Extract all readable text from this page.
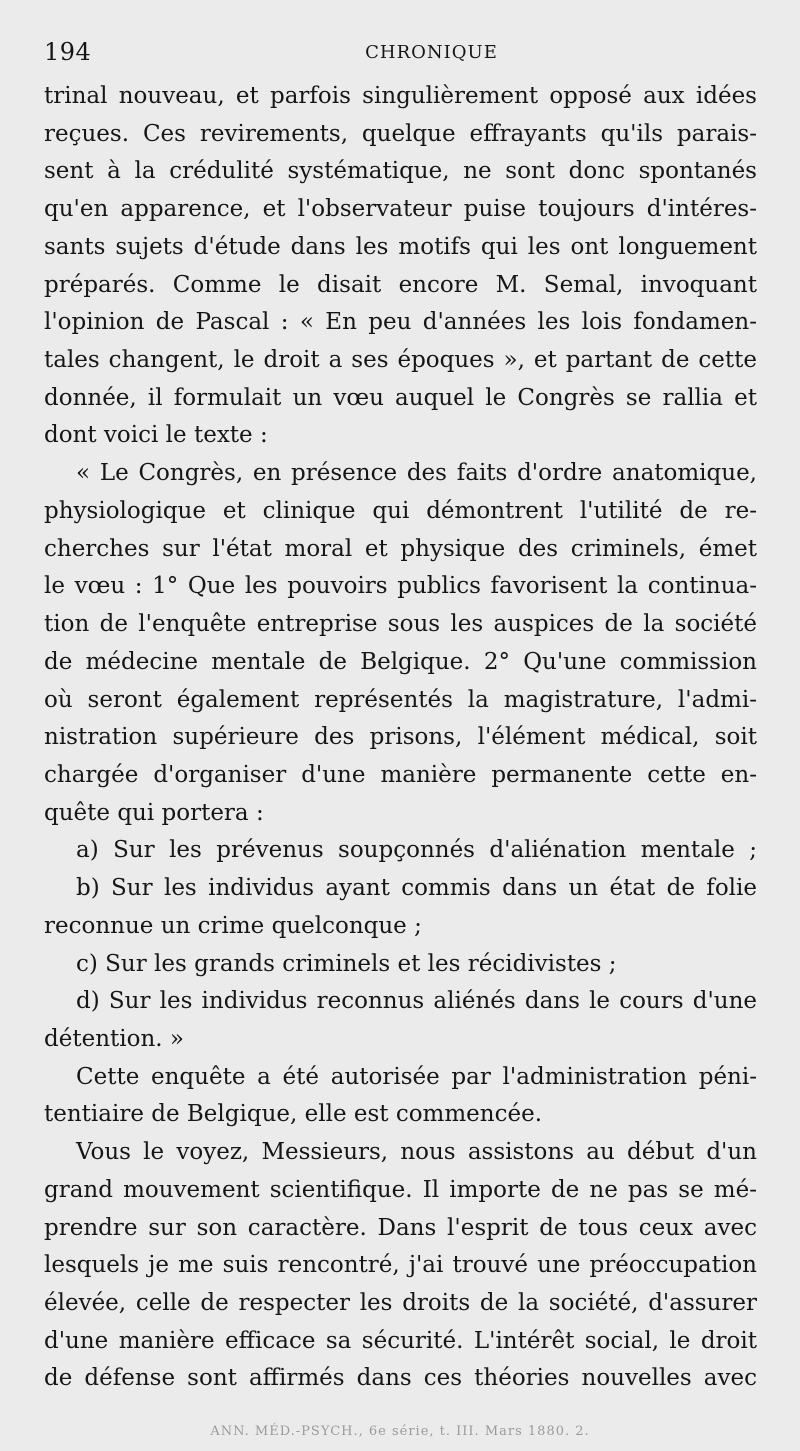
194	CHRONIQUE
trinal nouveau, et parfois singulièrement opposé aux idées
reçues. Ces revirements, quelque effrayants qu'ils parais-
sent à la crédulité systématique, ne sont donc spontanés
qu'en apparence, et l'observateur puise toujours d'intéres-
sants sujets d'étude dans les motifs qui les ont longuement
préparés. Comme le disait encore M. Semal, invoquant
l'opinion de Pascal : « En peu d'années les lois fondamen-
tales changent, le droit a ses époques », et partant de cette
donnée, il formulait un vœu auquel le Congrès se rallia et
dont voici le texte :
« Le Congrès, en présence des faits d'ordre anatomique,
physiologique et clinique qui démontrent l'utilité de re-
cherches sur l'état moral et physique des criminels, émet
le vœu : 1° Que les pouvoirs publics favorisent la continua-
tion de l'enquête entreprise sous les auspices de la société
de médecine mentale de Belgique. 2° Qu'une commission
où seront également représentés la magistrature, l'admi-
nistration supérieure des prisons, l'élément médical, soit
chargée d'organiser d'une manière permanente cette en-
quête qui portera :
a) Sur les prévenus soupçonnés d'aliénation mentale ;
b) Sur les individus ayant commis dans un état de folie
reconnue un crime quelconque ;
c) Sur les grands criminels et les récidivistes ;
d) Sur les individus reconnus aliénés dans le cours d'une
détention. »
Cette enquête a été autorisée par l'administration péni-
tentiaire de Belgique, elle est commencée.
Vous le voyez, Messieurs, nous assistons au début d'un
grand mouvement scientifique. Il importe de ne pas se mé-
prendre sur son caractère. Dans l'esprit de tous ceux avec
lesquels je me suis rencontré, j'ai trouvé une préoccupation
élevée, celle de respecter les droits de la société, d'assurer
d'une manière efficace sa sécurité. L'intérêt social, le droit
de défense sont affirmés dans ces théories nouvelles avec
ANN. MÉD.-PSYCH., 6e série, t. III. Mars 1880. 2.
